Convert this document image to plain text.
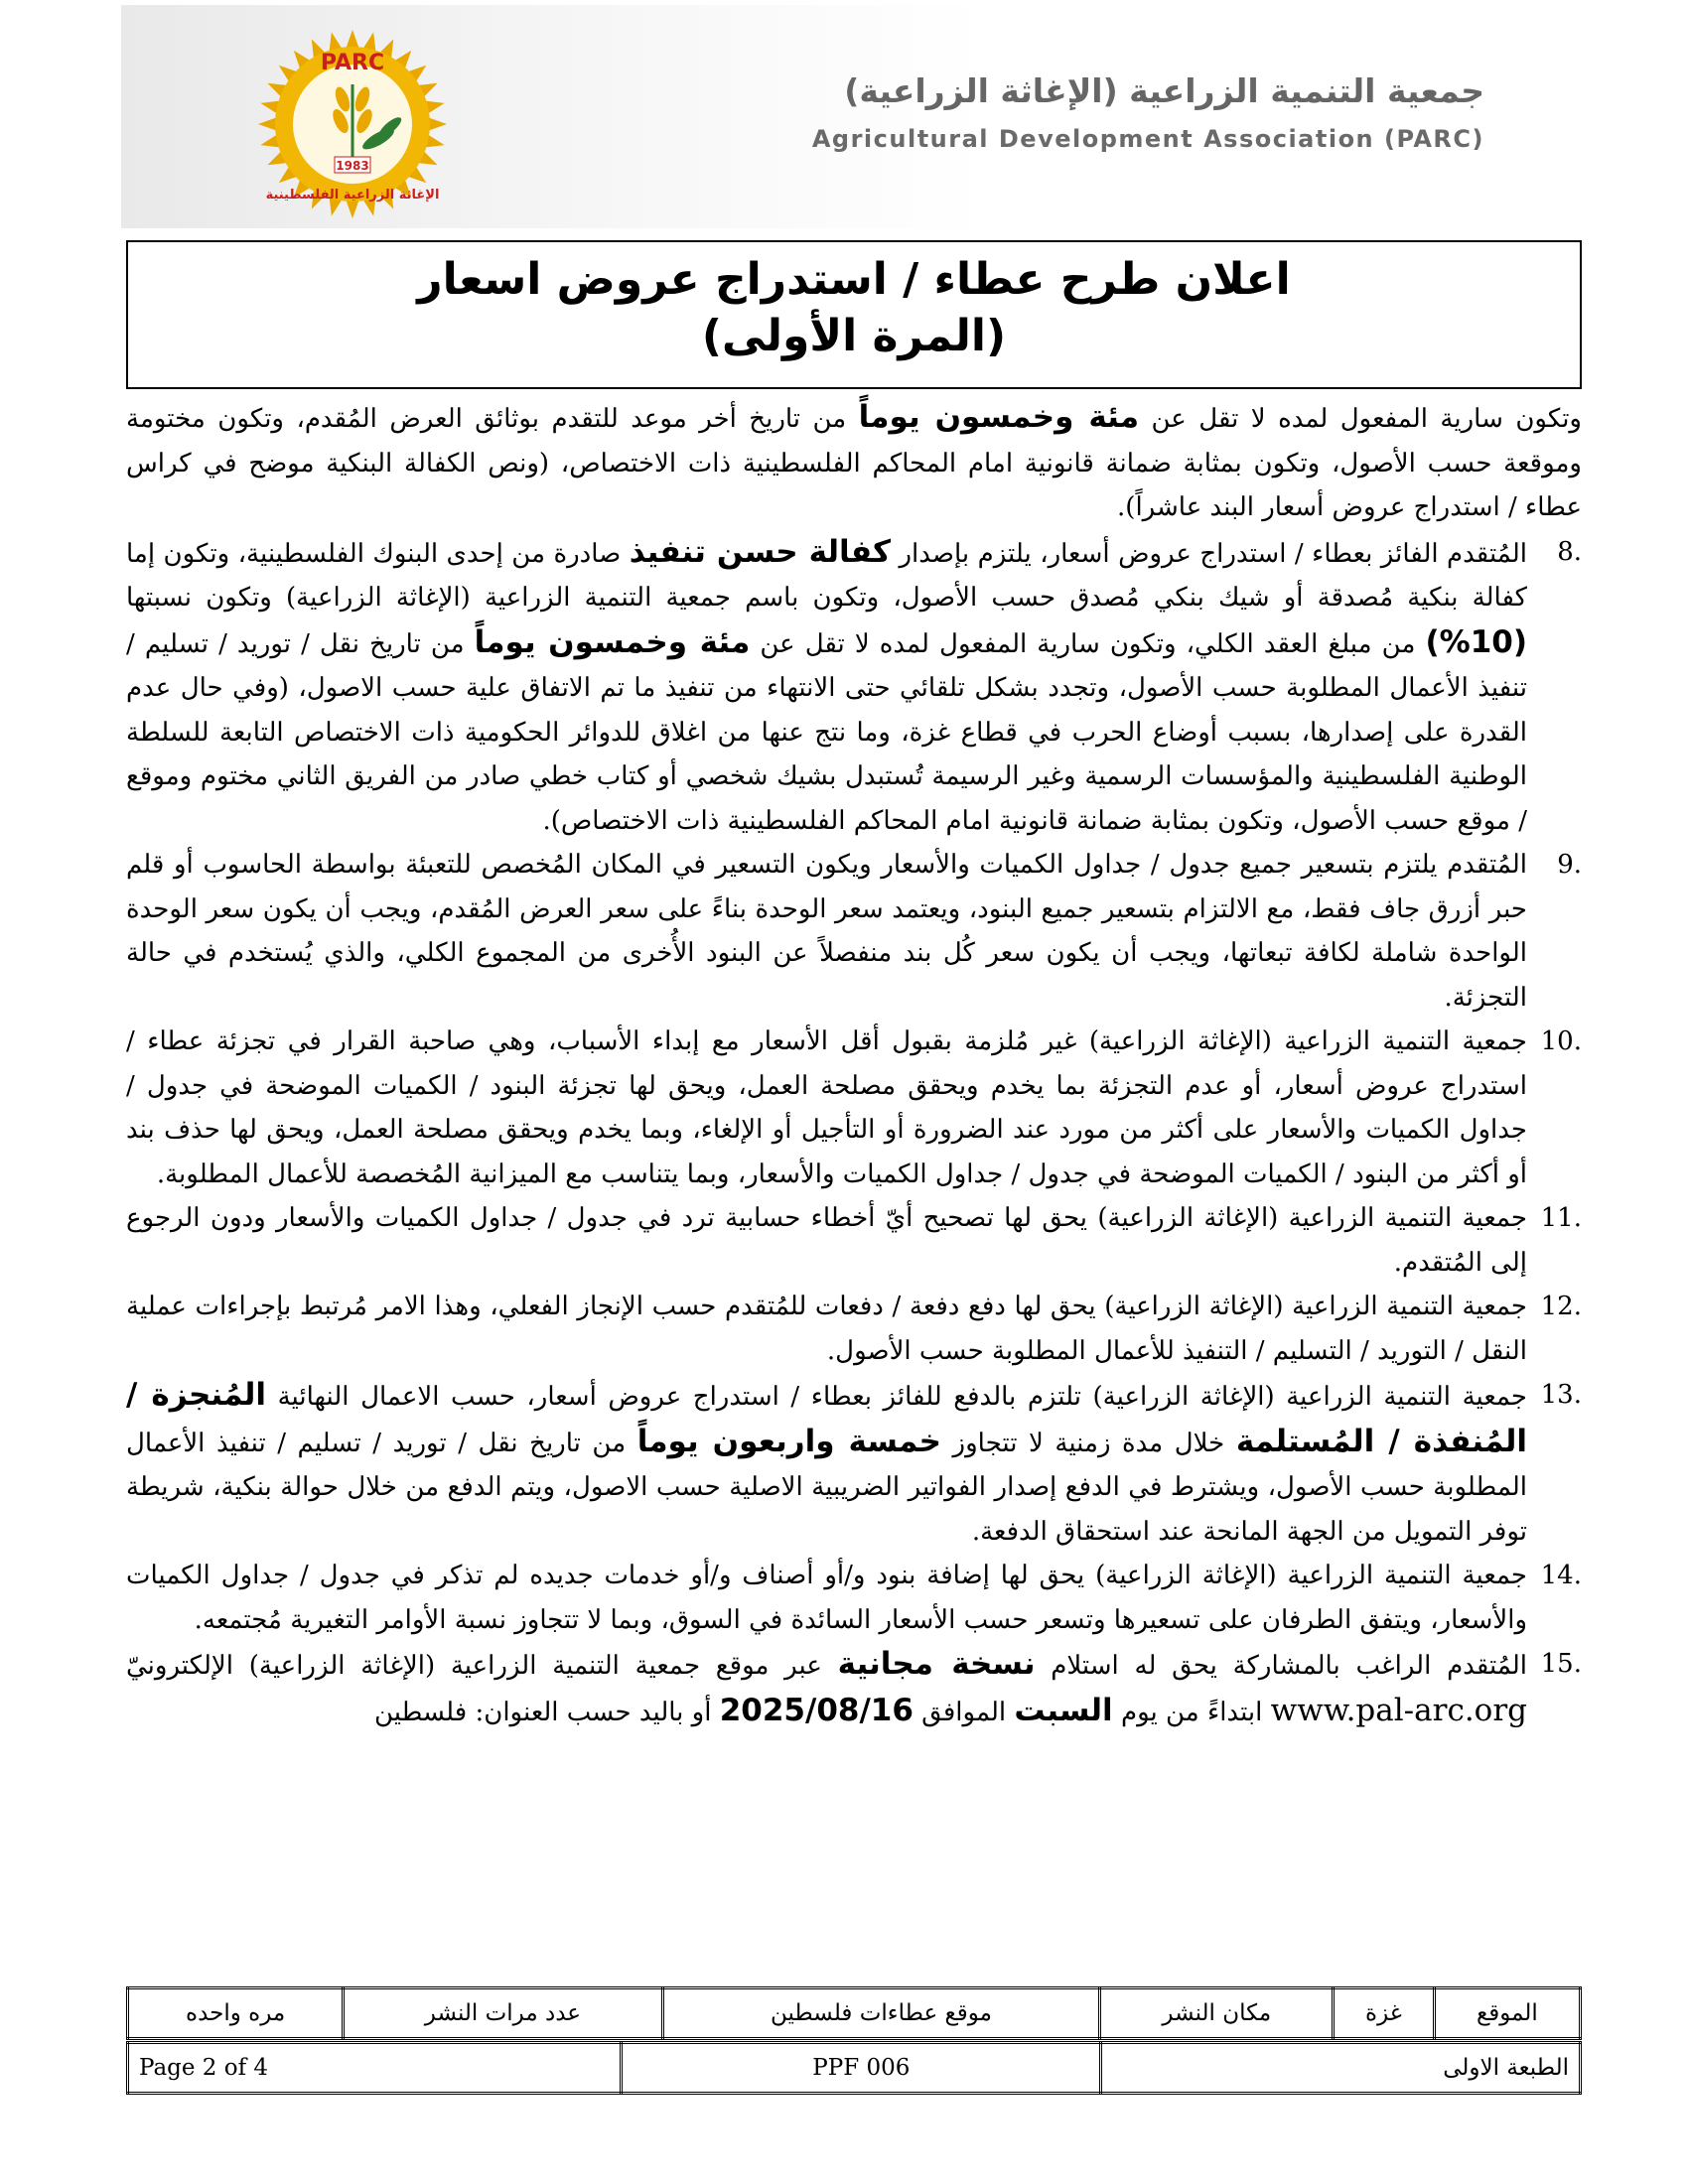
PARC
1983
الإغاثة الزراعية الفلسطينية
جمعية التنمية الزراعية (الإغاثة الزراعية)
Agricultural Development Association (PARC)
اعلان طرح عطاء / استدراج عروض اسعار
(المرة الأولى)
وتكون سارية المفعول لمده لا تقل عن مئة وخمسون يوماً من تاريخ أخر موعد للتقدم بوثائق العرض المُقدم، وتكون مختومة وموقعة حسب الأصول، وتكون بمثابة ضمانة قانونية امام المحاكم الفلسطينية ذات الاختصاص، (ونص الكفالة البنكية موضح في كراس عطاء / استدراج عروض أسعار البند عاشراً).
8.
المُتقدم الفائز بعطاء / استدراج عروض أسعار، يلتزم بإصدار كفالة حسن تنفيذ صادرة من إحدى البنوك الفلسطينية، وتكون إما كفالة بنكية مُصدقة أو شيك بنكي مُصدق حسب الأصول، وتكون باسم جمعية التنمية الزراعية (الإغاثة الزراعية) وتكون نسبتها (10%) من مبلغ العقد الكلي، وتكون سارية المفعول لمده لا تقل عن مئة وخمسون يوماً من تاريخ نقل / توريد / تسليم / تنفيذ الأعمال المطلوبة حسب الأصول، وتجدد بشكل تلقائي حتى الانتهاء من تنفيذ ما تم الاتفاق علية حسب الاصول، (وفي حال عدم القدرة على إصدارها، بسبب أوضاع الحرب في قطاع غزة، وما نتج عنها من اغلاق للدوائر الحكومية ذات الاختصاص التابعة للسلطة الوطنية الفلسطينية والمؤسسات الرسمية وغير الرسيمة تُستبدل بشيك شخصي أو كتاب خطي صادر من الفريق الثاني مختوم وموقع / موقع حسب الأصول، وتكون بمثابة ضمانة قانونية امام المحاكم الفلسطينية ذات الاختصاص).
9.
المُتقدم يلتزم بتسعير جميع جدول / جداول الكميات والأسعار ويكون التسعير في المكان المُخصص للتعبئة بواسطة الحاسوب أو قلم حبر أزرق جاف فقط، مع الالتزام بتسعير جميع البنود، ويعتمد سعر الوحدة بناءً على سعر العرض المُقدم، ويجب أن يكون سعر الوحدة الواحدة شاملة لكافة تبعاتها، ويجب أن يكون سعر كُل بند منفصلاً عن البنود الأُخرى من المجموع الكلي، والذي يُستخدم في حالة التجزئة.
10.
جمعية التنمية الزراعية (الإغاثة الزراعية) غير مُلزمة بقبول أقل الأسعار مع إبداء الأسباب، وهي صاحبة القرار في تجزئة عطاء / استدراج عروض أسعار، أو عدم التجزئة بما يخدم ويحقق مصلحة العمل، ويحق لها تجزئة البنود / الكميات الموضحة في جدول / جداول الكميات والأسعار على أكثر من مورد عند الضرورة أو التأجيل أو الإلغاء، وبما يخدم ويحقق مصلحة العمل، ويحق لها حذف بند أو أكثر من البنود / الكميات الموضحة في جدول / جداول الكميات والأسعار، وبما يتناسب مع الميزانية المُخصصة للأعمال المطلوبة.
11.
جمعية التنمية الزراعية (الإغاثة الزراعية) يحق لها تصحيح أيّ أخطاء حسابية ترد في جدول / جداول الكميات والأسعار ودون الرجوع إلى المُتقدم.
12.
جمعية التنمية الزراعية (الإغاثة الزراعية) يحق لها دفع دفعة / دفعات للمُتقدم حسب الإنجاز الفعلي، وهذا الامر مُرتبط بإجراءات عملية النقل / التوريد / التسليم / التنفيذ للأعمال المطلوبة حسب الأصول.
13.
جمعية التنمية الزراعية (الإغاثة الزراعية) تلتزم بالدفع للفائز بعطاء / استدراج عروض أسعار، حسب الاعمال النهائية المُنجزة / المُنفذة / المُستلمة خلال مدة زمنية لا تتجاوز خمسة واربعون يوماً من تاريخ نقل / توريد / تسليم / تنفيذ الأعمال المطلوبة حسب الأصول، ويشترط في الدفع إصدار الفواتير الضريبية الاصلية حسب الاصول، ويتم الدفع من خلال حوالة بنكية، شريطة توفر التمويل من الجهة المانحة عند استحقاق الدفعة.
14.
جمعية التنمية الزراعية (الإغاثة الزراعية) يحق لها إضافة بنود و/أو أصناف و/أو خدمات جديده لم تذكر في جدول / جداول الكميات والأسعار، ويتفق الطرفان على تسعيرها وتسعر حسب الأسعار السائدة في السوق، وبما لا تتجاوز نسبة الأوامر التغيرية مُجتمعه.
15.
المُتقدم الراغب بالمشاركة يحق له استلام نسخة مجانية عبر موقع جمعية التنمية الزراعية (الإغاثة الزراعية) الإلكترونيّ www.pal-arc.org ابتداءً من يوم السبت الموافق 2025/08/16 أو باليد حسب العنوان: فلسطين
الموقع	غزة	مكان النشر	موقع عطاءات فلسطين	عدد مرات النشر	مره واحده
الطبعة الاولى	PPF 006	Page 2 of 4
